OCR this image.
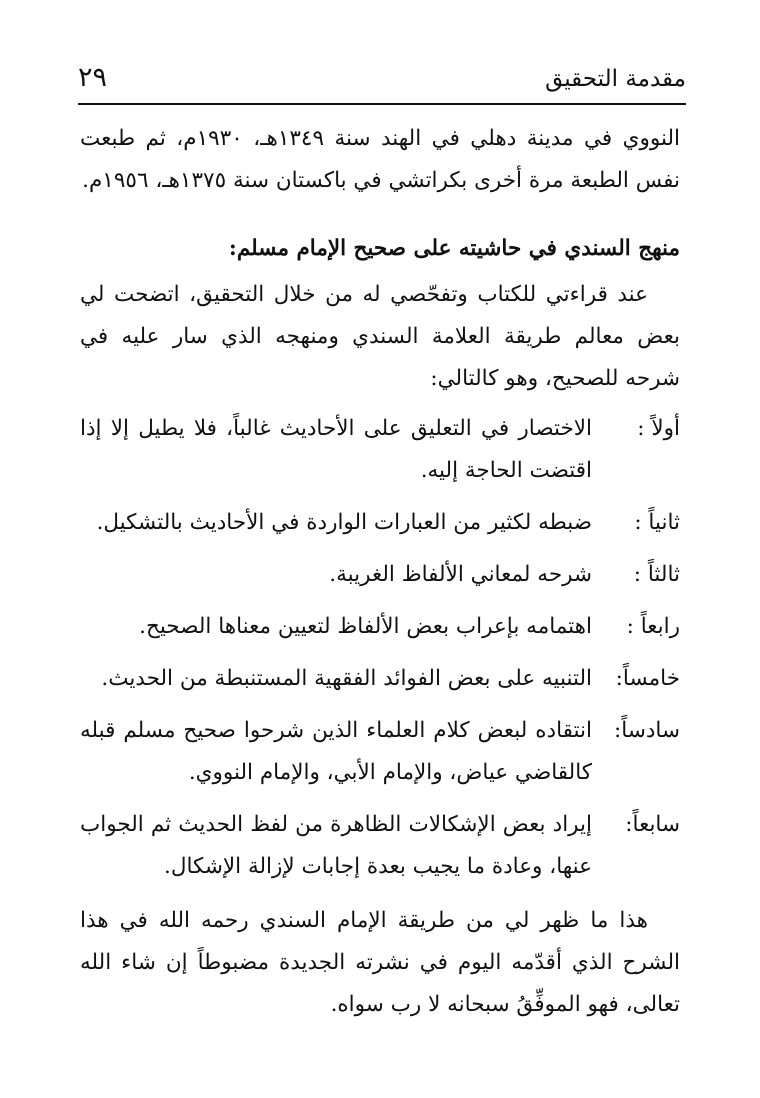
مقدمة التحقيق
٢٩

النووي في مدينة دهلي في الهند سنة ١٣٤٩هـ، ١٩٣٠م، ثم طبعت نفس الطبعة مرة أخرى بكراتشي في باكستان سنة ١٣٧٥هـ، ١٩٥٦م.

منهج السندي في حاشيته على صحيح الإمام مسلم:

عند قراءتي للكتاب وتفحّصي له من خلال التحقيق، اتضحت لي بعض معالم طريقة العلامة السندي ومنهجه الذي سار عليه في شرحه للصحيح، وهو كالتالي:

أولاً :
الاختصار في التعليق على الأحاديث غالباً، فلا يطيل إلا إذا اقتضت الحاجة إليه.
ثانياً :
ضبطه لكثير من العبارات الواردة في الأحاديث بالتشكيل.
ثالثاً :
شرحه لمعاني الألفاظ الغريبة.
رابعاً :
اهتمامه بإعراب بعض الألفاظ لتعيين معناها الصحيح.
خامساً:
التنبيه على بعض الفوائد الفقهية المستنبطة من الحديث.
سادساً:
انتقاده لبعض كلام العلماء الذين شرحوا صحيح مسلم قبله كالقاضي عياض، والإمام الأبي، والإمام النووي.
سابعاً:
إيراد بعض الإشكالات الظاهرة من لفظ الحديث ثم الجواب عنها، وعادة ما يجيب بعدة إجابات لإزالة الإشكال.

هذا ما ظهر لي من طريقة الإمام السندي رحمه الله في هذا الشرح الذي أقدّمه اليوم في نشرته الجديدة مضبوطاً إن شاء الله تعالى، فهو الموفِّقُ سبحانه لا رب سواه.
